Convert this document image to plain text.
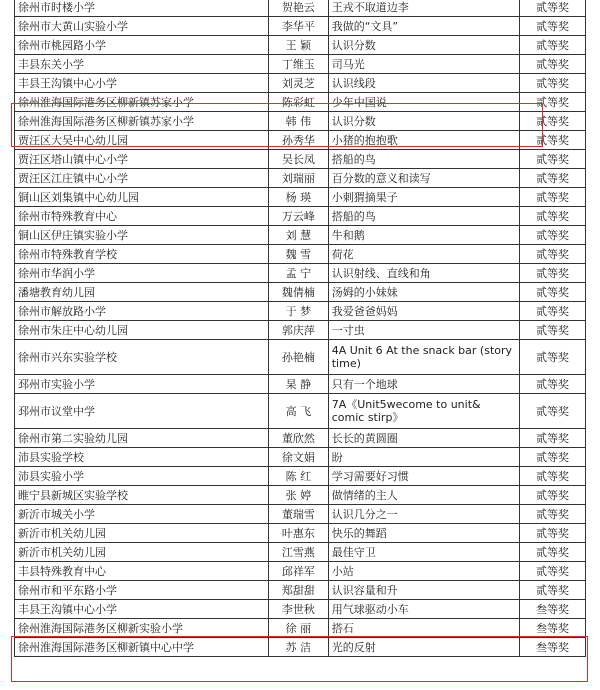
徐州市时楼小学	贺艳云	王戎不取道边李	贰等奖
徐州市大黄山实验小学	李华平	我做的“文具”	贰等奖
徐州市桃园路小学	王 颖	认识分数	贰等奖
丰县东关小学	丁维玉	司马光	贰等奖
丰县王沟镇中心小学	刘灵芝	认识线段	贰等奖
徐州淮海国际港务区柳新镇苏家小学	陈彩虹	少年中国说	贰等奖
徐州淮海国际港务区柳新镇苏家小学	韩 伟	认识分数	贰等奖
贾汪区大吴中心幼儿园	孙秀华	小猪的抱抱歌	贰等奖
贾汪区塔山镇中心小学	吴长凤	搭船的鸟	贰等奖
贾汪区江庄镇中心小学	刘瑞丽	百分数的意义和读写	贰等奖
铜山区刘集镇中心幼儿园	杨 瑛	小刺猬摘果子	贰等奖
徐州市特殊教育中心	万云峰	搭船的鸟	贰等奖
铜山区伊庄镇实验小学	刘 慧	牛和鹅	贰等奖
徐州市特殊教育学校	魏 雪	荷花	贰等奖
徐州市华润小学	孟 宁	认识射线、直线和角	贰等奖
潘塘教育幼儿园	魏倩楠	汤姆的小妹妹	贰等奖
徐州市解放路小学	于 梦	我爱爸爸妈妈	贰等奖
徐州市朱庄中心幼儿园	郭庆萍	一寸虫	贰等奖
徐州市兴东实验学校	孙艳楠	4A Unit 6 At the snack bar (story time)	贰等奖
邳州市实验小学	杲 静	只有一个地球	贰等奖
邳州市议堂中学	高 飞	7A《Unit5wecome to unit& comic stirp》	贰等奖
徐州市第二实验幼儿园	董欣然	长长的黄圆圈	贰等奖
沛县实验学校	徐文娟	盼	贰等奖
沛县实验小学	陈 红	学习需要好习惯	贰等奖
睢宁县新城区实验学校	张 婷	做情绪的主人	贰等奖
新沂市城关小学	董瑞雪	认识几分之一	贰等奖
新沂市机关幼儿园	叶惠东	快乐的舞蹈	贰等奖
新沂市机关幼儿园	江雪燕	最佳守卫	贰等奖
丰县特殊教育中心	邱祥军	小站	贰等奖
徐州市和平东路小学	郑甜甜	认识容量和升	贰等奖
丰县王沟镇中心小学	李世秋	用气球驱动小车	叁等奖
徐州淮海国际港务区柳新实验小学	徐 丽	搭石	叁等奖
徐州淮海国际港务区柳新镇中心中学	苏 洁	光的反射	叁等奖
